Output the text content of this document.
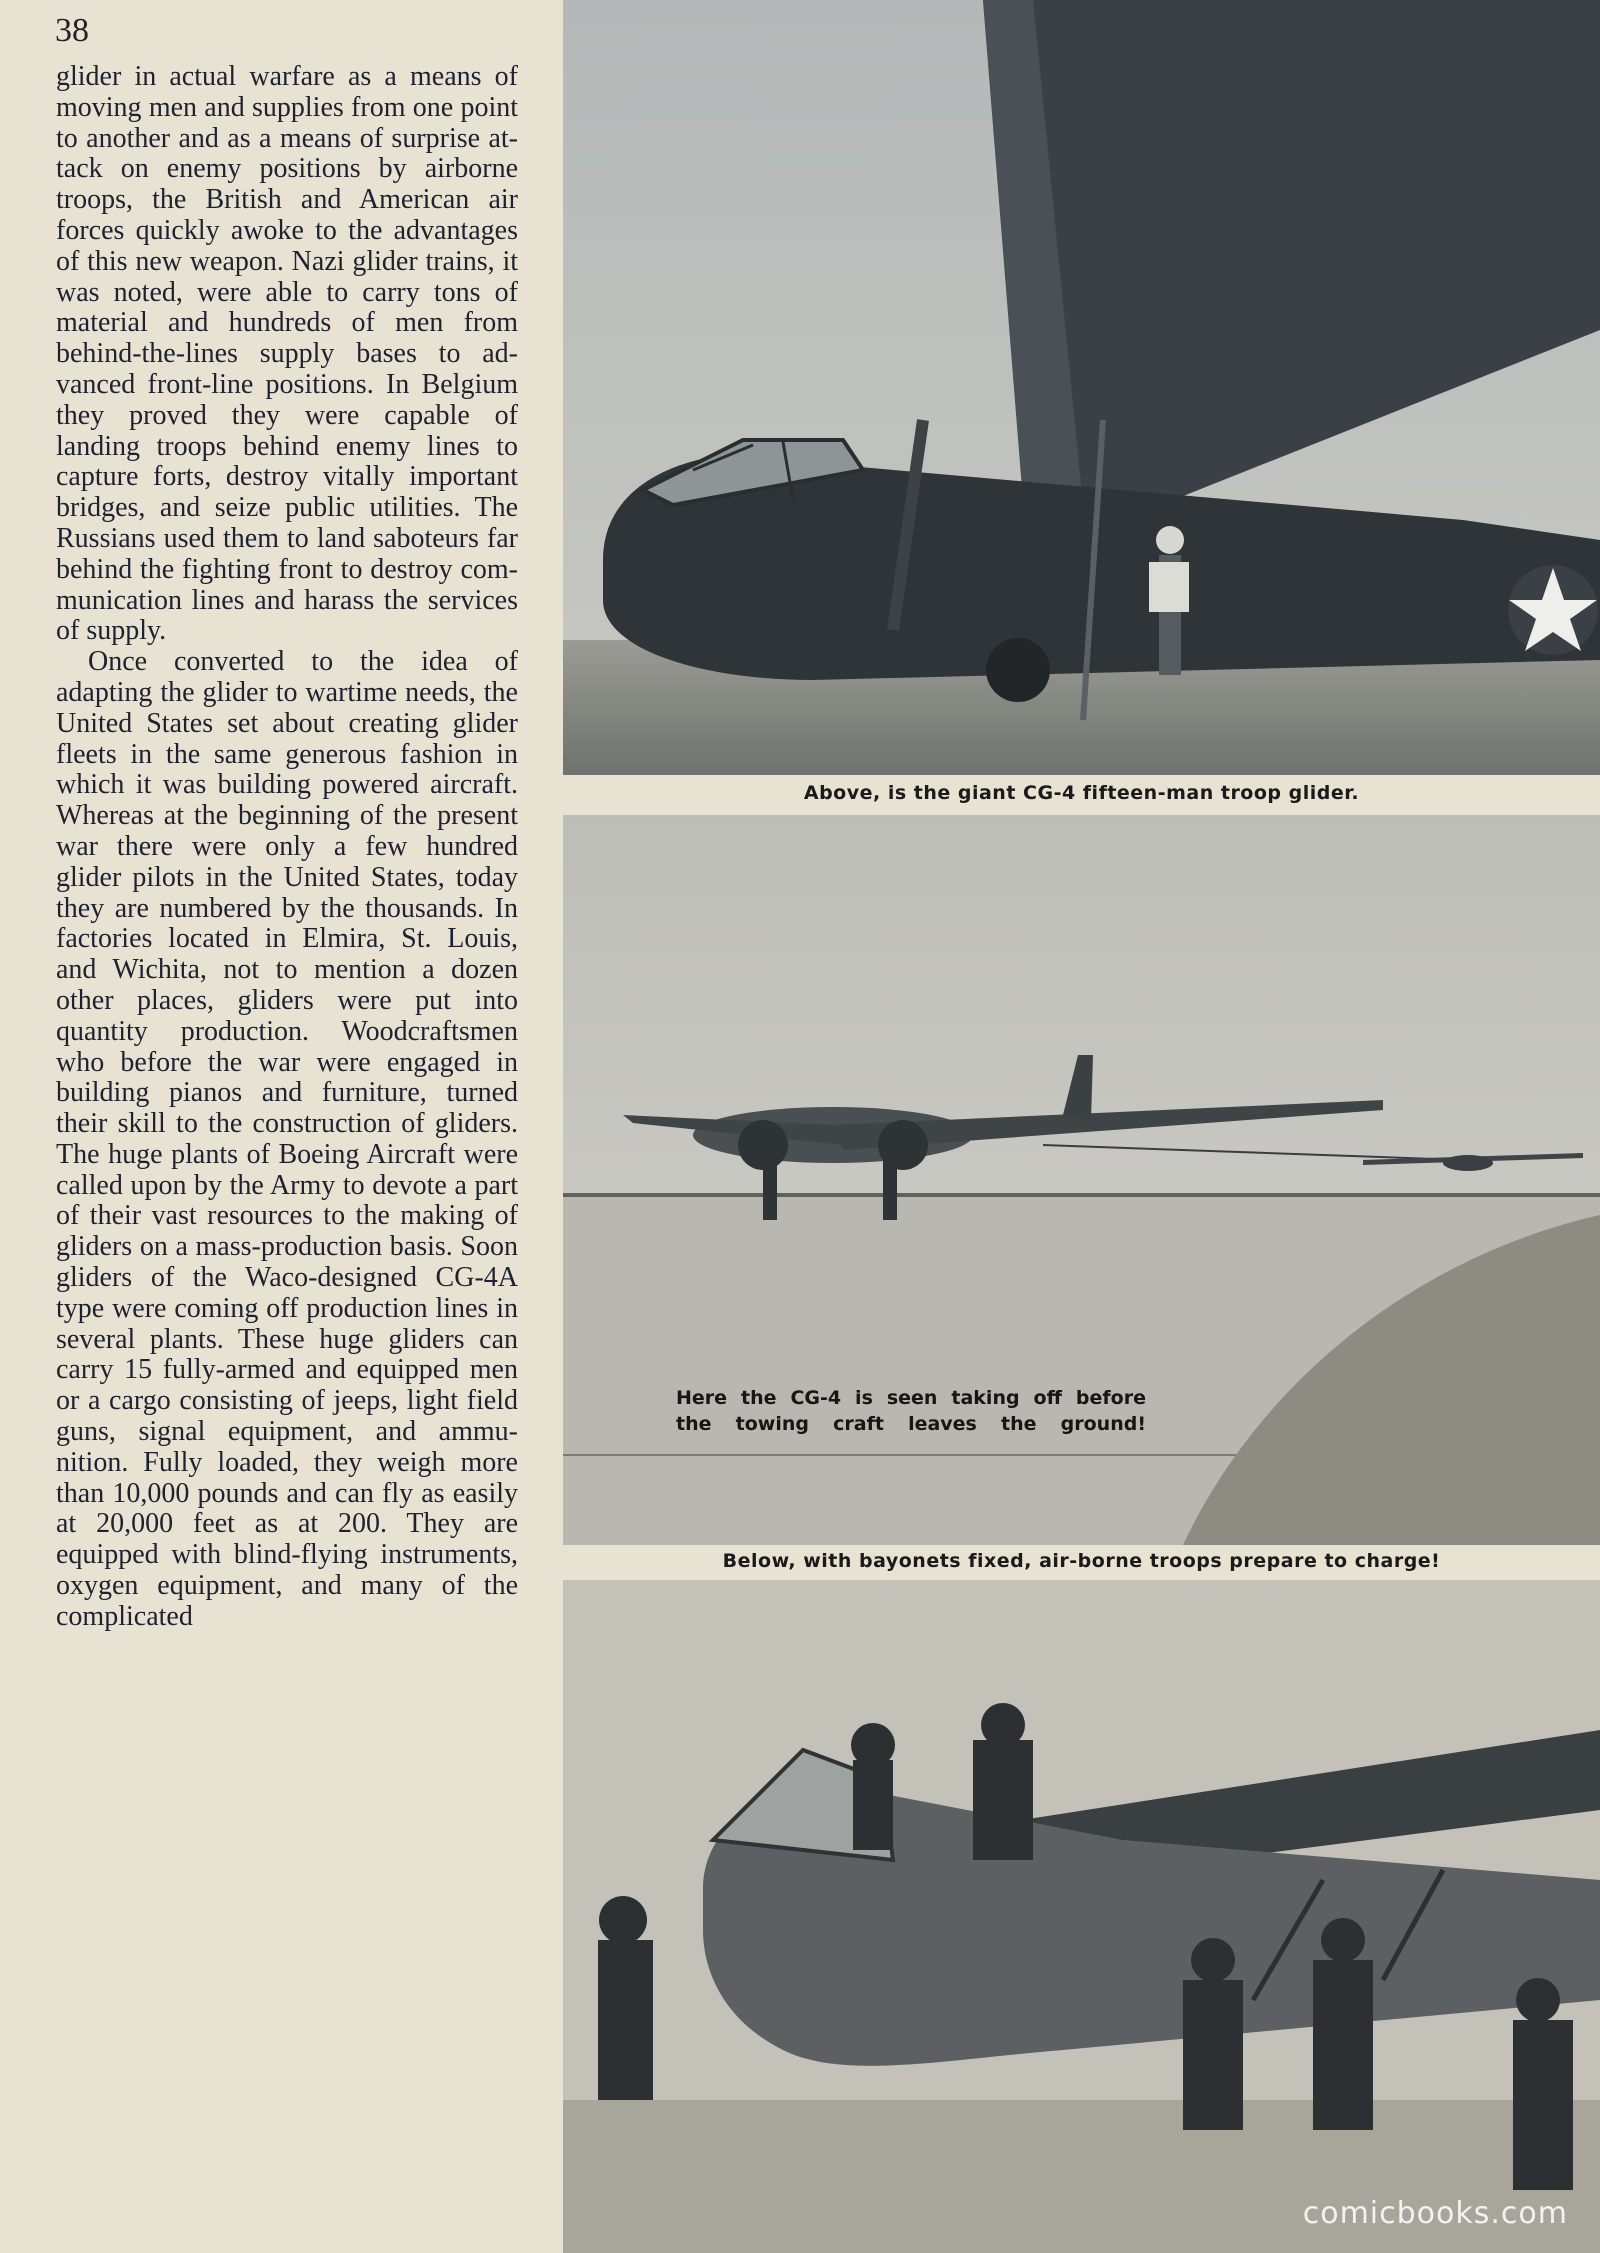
38

glider in actual warfare as a means of moving men and supplies from one point to another and as a means of surprise attack on enemy positions by airborne troops, the British and American air forces quickly awoke to the advantages of this new weapon. Nazi glider trains, it was noted, were able to carry tons of material and hundreds of men from behind-the-lines supply bases to advanced front-line positions. In Belgium they proved they were capable of landing troops behind enemy lines to capture forts, destroy vitally important bridges, and seize public utilities. The Russians used them to land saboteurs far behind the fighting front to destroy communication lines and harass the services of supply.

Once converted to the idea of adapting the glider to wartime needs, the United States set about creating glider fleets in the same generous fashion in which it was building powered aircraft. Whereas at the beginning of the present war there were only a few hundred glider pilots in the United States, today they are numbered by the thousands. In factories located in Elmira, St. Louis, and Wichita, not to mention a dozen other places, gliders were put into quantity production. Woodcraftsmen who before the war were engaged in building pianos and furniture, turned their skill to the construction of gliders. The huge plants of Boeing Aircraft were called upon by the Army to devote a part of their vast resources to the making of gliders on a mass-production basis. Soon gliders of the Waco-designed CG-4A type were coming off production lines in several plants. These huge gliders can carry 15 fully-armed and equipped men or a cargo consisting of jeeps, light field guns, signal equipment, and ammunition. Fully loaded, they weigh more than 10,000 pounds and can fly as easily at 20,000 feet as at 200. They are equipped with blind-flying instruments, oxygen equipment, and many of the complicated

Above, is the giant CG-4 fifteen-man troop glider.
Here the CG-4 is seen taking off before
the towing craft leaves the ground!
Below, with bayonets fixed, air-borne troops prepare to charge!
comicbooks.com
